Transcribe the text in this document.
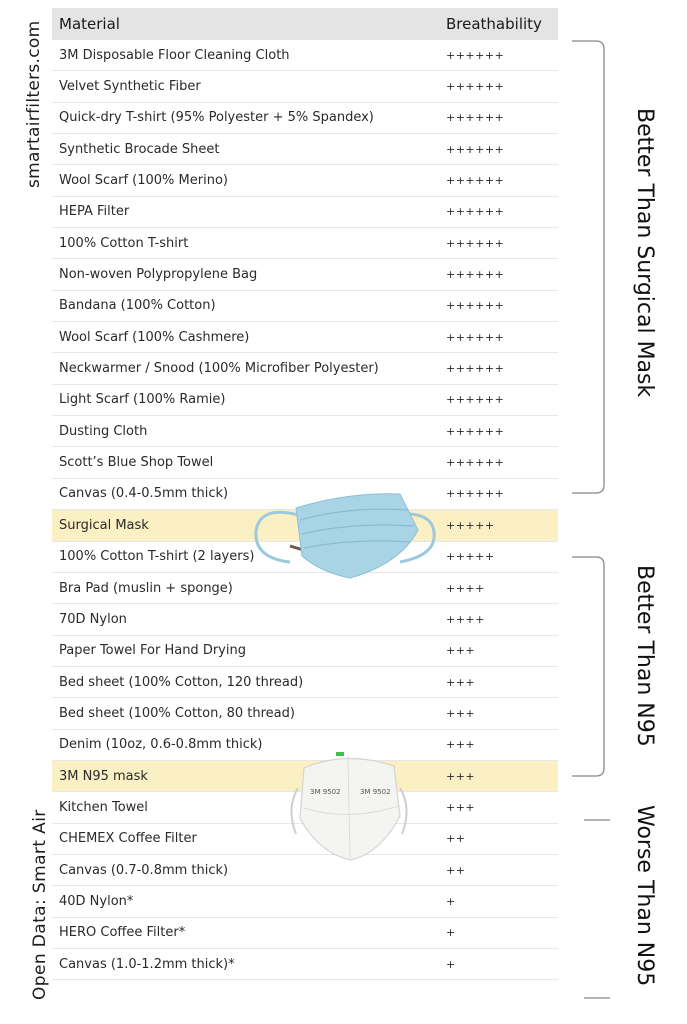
smartairfilters.com
Open Data: Smart Air
Material	Breathability
3M Disposable Floor Cleaning Cloth	++++++
Velvet Synthetic Fiber	++++++
Quick-dry T-shirt (95% Polyester + 5% Spandex)	++++++
Synthetic Brocade Sheet	++++++
Wool Scarf (100% Merino)	++++++
HEPA Filter	++++++
100% Cotton T-shirt	++++++
Non-woven Polypropylene Bag	++++++
Bandana (100% Cotton)	++++++
Wool Scarf (100% Cashmere)	++++++
Neckwarmer / Snood (100% Microfiber Polyester)	++++++
Light Scarf (100% Ramie)	++++++
Dusting Cloth	++++++
Scott’s Blue Shop Towel	++++++
Canvas (0.4-0.5mm thick)	++++++
Surgical Mask	+++++
100% Cotton T-shirt (2 layers)	+++++
Bra Pad (muslin + sponge)	++++
70D Nylon	++++
Paper Towel For Hand Drying	+++
Bed sheet (100% Cotton, 120 thread)	+++
Bed sheet (100% Cotton, 80 thread)	+++
Denim (10oz, 0.6-0.8mm thick)	+++
3M N95 mask	+++
Kitchen Towel	+++
CHEMEX Coffee Filter	++
Canvas (0.7-0.8mm thick)	++
40D Nylon*	+
HERO Coffee Filter*	+
Canvas (1.0-1.2mm thick)*	+
Better Than Surgical Mask
Better Than N95
Worse Than N95
3M 9502	3M 9502
